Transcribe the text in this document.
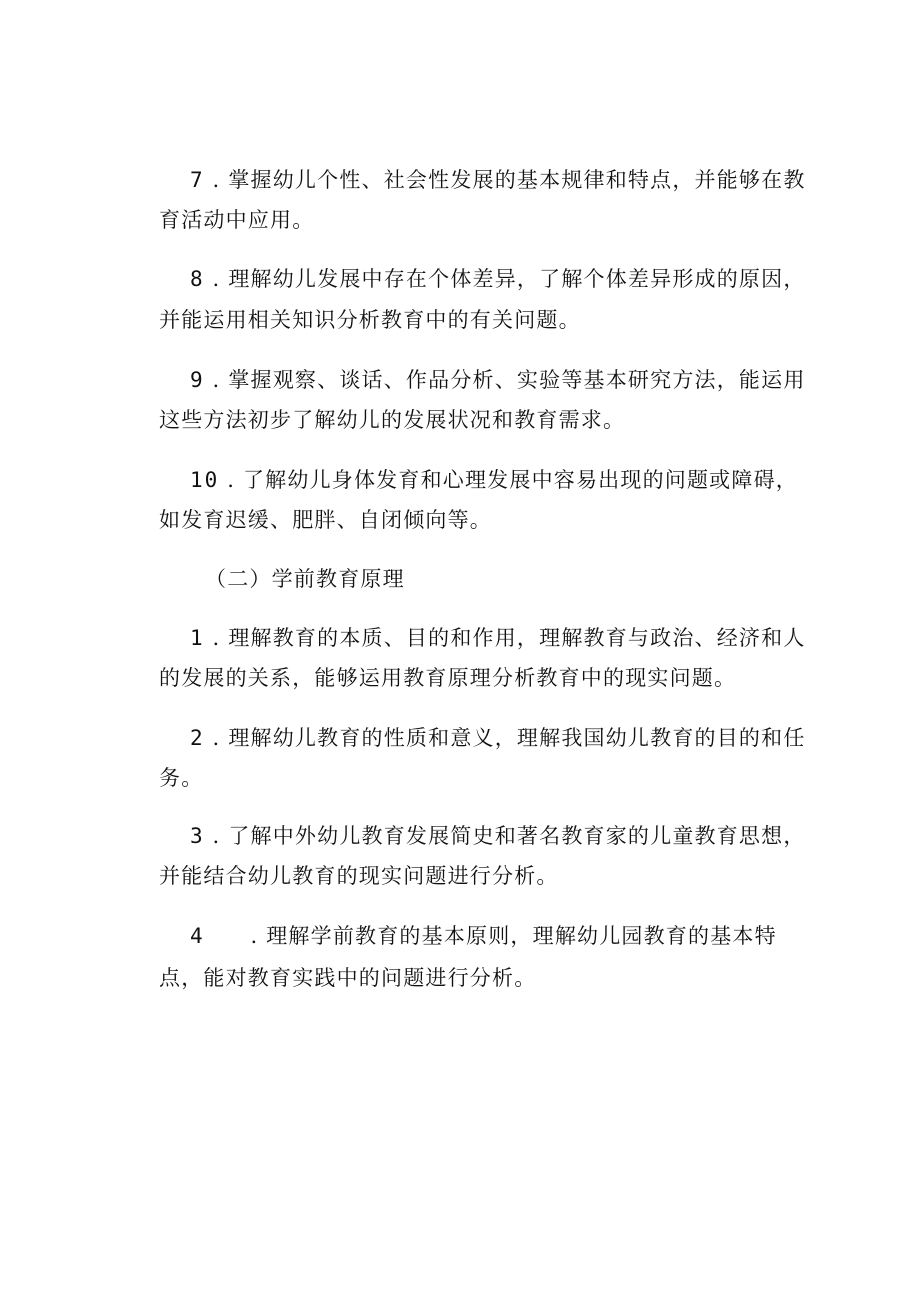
7 . 掌握幼儿个性、社会性发展的基本规律和特点，并能够在教
育活动中应用。
8 . 理解幼儿发展中存在个体差异，了解个体差异形成的原因，
并能运用相关知识分析教育中的有关问题。
9 . 掌握观察、谈话、作品分析、实验等基本研究方法，能运用
这些方法初步了解幼儿的发展状况和教育需求。
10 . 了解幼儿身体发育和心理发展中容易出现的问题或障碍，
如发育迟缓、肥胖、自闭倾向等。
（二）学前教育原理
1 . 理解教育的本质、目的和作用，理解教育与政治、经济和人
的发展的关系，能够运用教育原理分析教育中的现实问题。
2 . 理解幼儿教育的性质和意义，理解我国幼儿教育的目的和任
务。
3 . 了解中外幼儿教育发展简史和著名教育家的儿童教育思想，
并能结合幼儿教育的现实问题进行分析。
4 . 理解学前教育的基本原则，理解幼儿园教育的基本特
点，能对教育实践中的问题进行分析。
